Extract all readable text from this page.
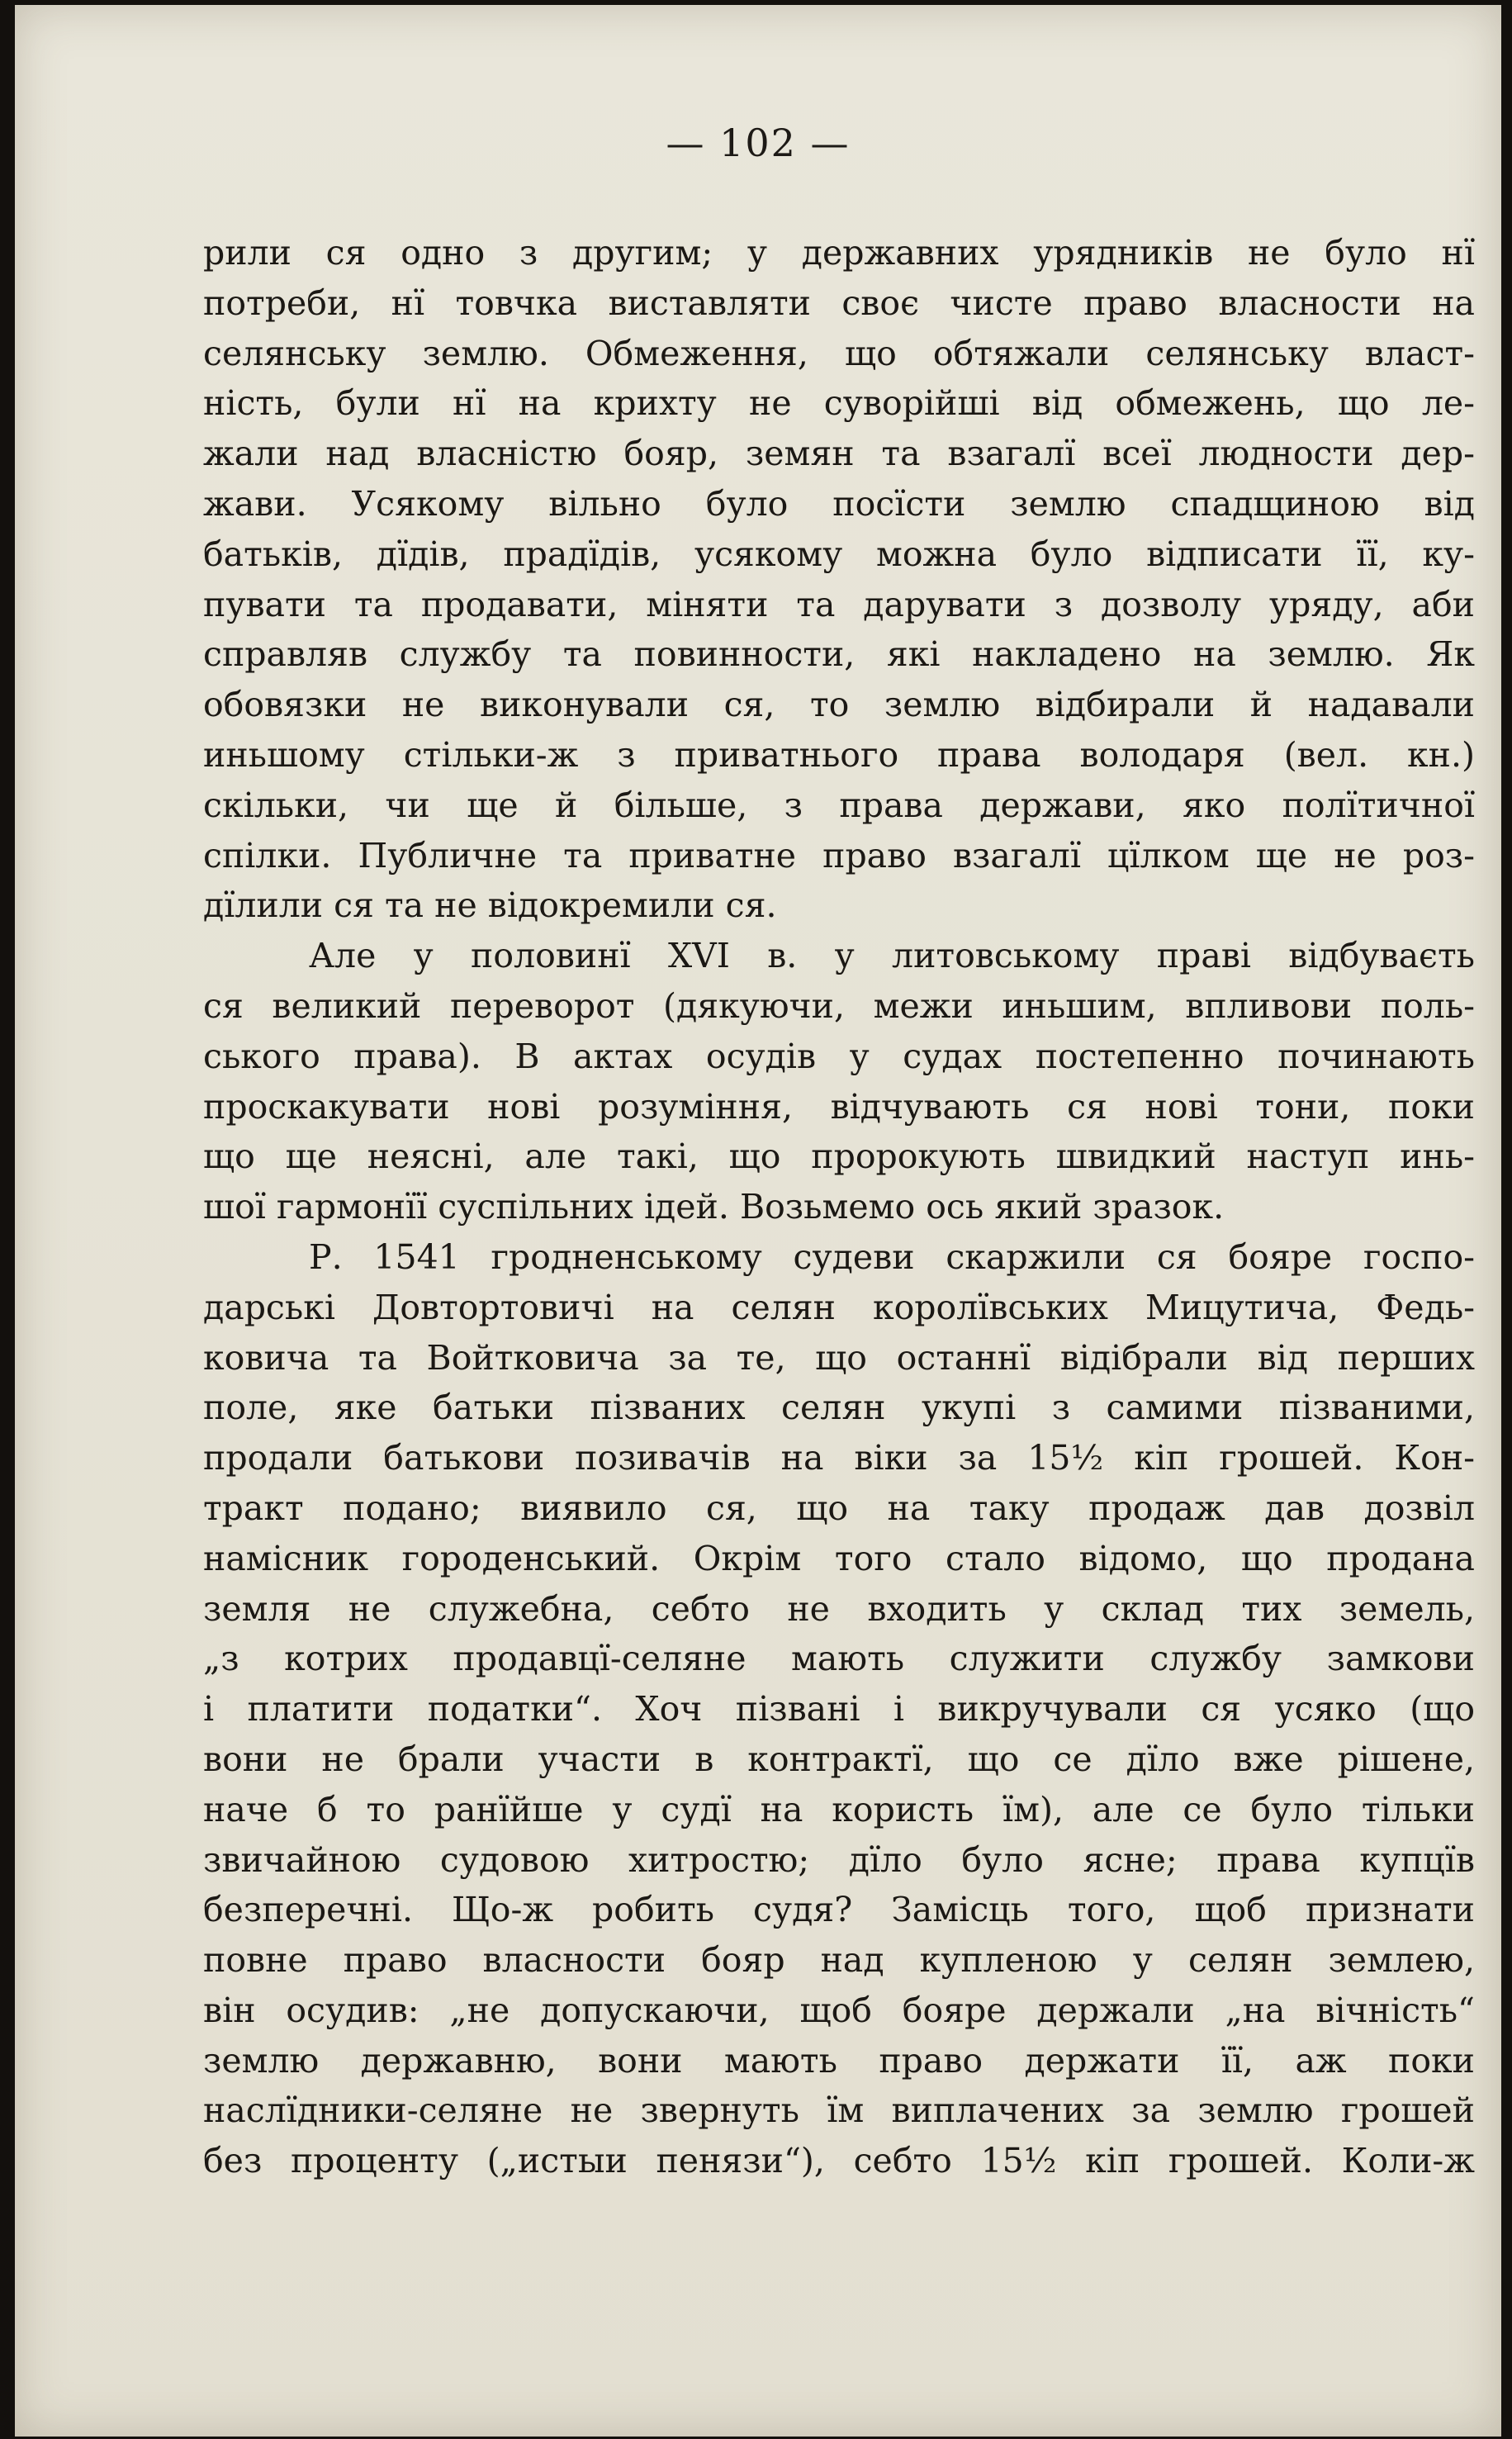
— 102 —
рили ся одно з другим; у державних урядників не було нї
потреби, нї товчка виставляти своє чисте право власности на
селянську землю. Обмеження, що обтяжали селянську власт-
ність, були нї на крихту не суворійші від обмежень, що ле-
жали над власністю бояр, земян та взагалї всеї людности дер-
жави. Усякому вільно було посїсти землю спадщиною від
батьків, дїдів, прадїдів, усякому можна було відписати її, ку-
пувати та продавати, міняти та дарувати з дозволу уряду, аби
справляв службу та повинности, які накладено на землю. Як
обовязки не виконували ся, то землю відбирали й надавали
иньшому стільки-ж з приватнього права володаря (вел. кн.)
скільки, чи ще й більше, з права держави, яко полїтичної
спілки. Публичне та приватне право взагалї цїлком ще не роз-
дїлили ся та не відокремили ся.
Але у половинї XVI в. у литовському праві відбуваєть
ся великий переворот (дякуючи, межи иньшим, впливови поль-
ського права). В актах осудів у судах постепенно починають
проскакувати нові розуміння, відчувають ся нові тони, поки
що ще неясні, але такі, що пророкують швидкий наступ инь-
шої гармонїї суспільних ідей. Возьмемо ось який зразок.
Р. 1541 гродненському судеви скаржили ся бояре госпо-
дарські Довтортовичі на селян королївських Мицутича, Федь-
ковича та Войтковича за те, що останнї відібрали від перших
поле, яке батьки пізваних селян укупі з самими пізваними,
продали батькови позивачів на віки за 15½ кіп грошей. Кон-
тракт подано; виявило ся, що на таку продаж дав дозвіл
намісник городенський. Окрім того стало відомо, що продана
земля не служебна, себто не входить у склад тих земель,
„з котрих продавцї-селяне мають служити службу замкови
і платити податки“. Хоч пізвані і викручували ся усяко (що
вони не брали участи в контрактї, що се дїло вже рішене,
наче б то ранїйше у судї на користь їм), але се було тільки
звичайною судовою хитростю; дїло було ясне; права купцїв
безперечні. Що-ж робить судя? Замісць того, щоб признати
повне право власности бояр над купленою у селян землею,
він осудив: „не допускаючи, щоб бояре держали „на вічність“
землю державню, вони мають право держати її, аж поки
наслїдники-селяне не звернуть їм виплачених за землю грошей
без проценту („истыи пенязи“), себто 15½ кіп грошей. Коли-ж
